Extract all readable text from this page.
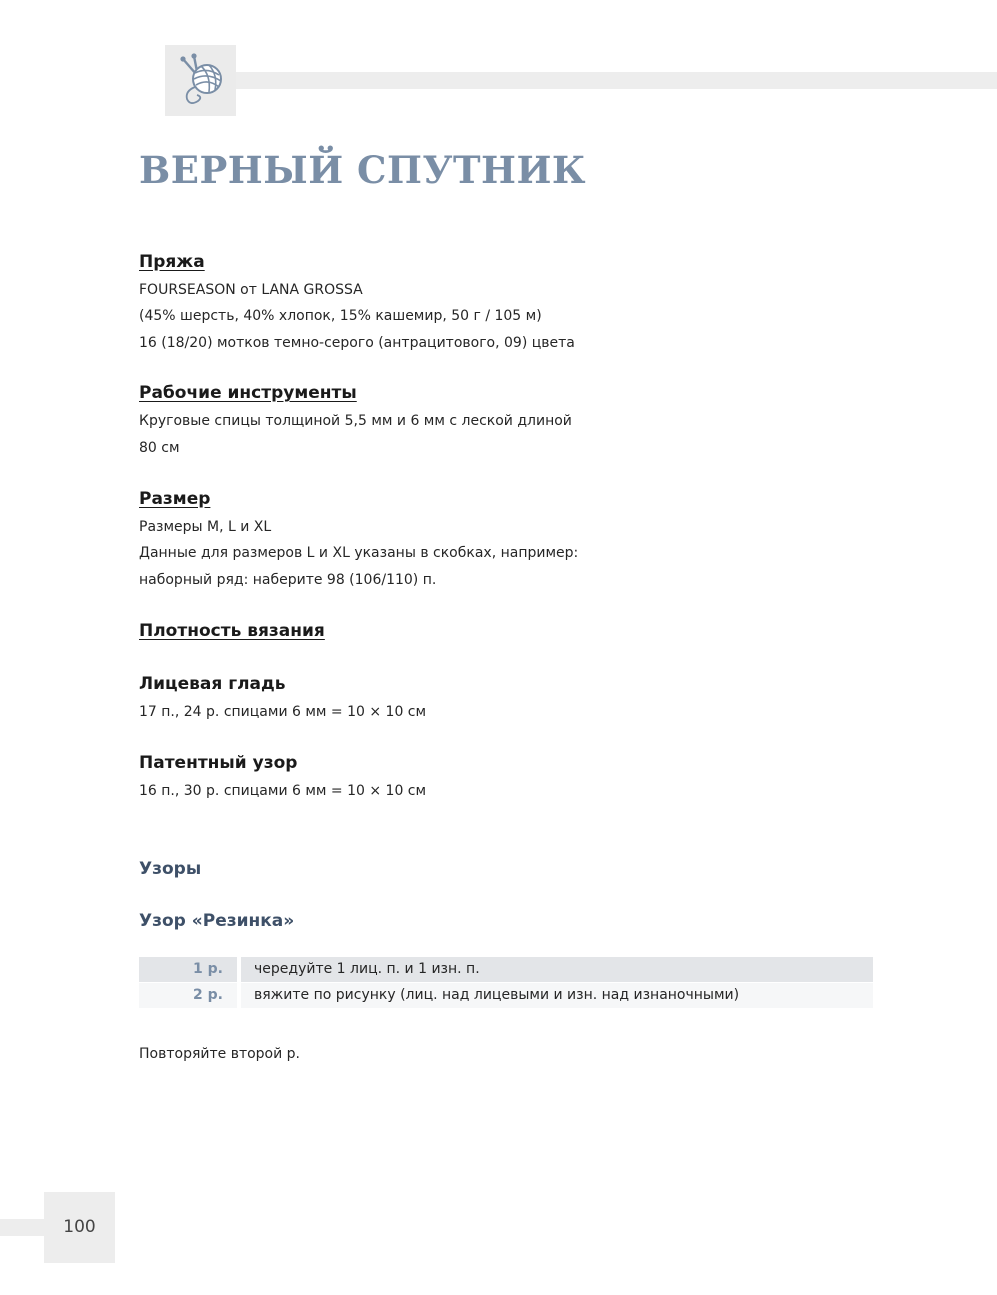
ВЕРНЫЙ СПУТНИК
Пряжа
FOURSEASON от LANA GROSSA
(45% шерсть, 40% хлопок, 15% кашемир, 50 г / 105 м)
16 (18/20) мотков темно-серого (антрацитового, 09) цвета
Рабочие инструменты
Круговые спицы толщиной 5,5 мм и 6 мм с леской длиной
80 см
Размер
Размеры M, L и XL
Данные для размеров L и XL указаны в скобках, например:
наборный ряд: наберите 98 (106/110) п.
Плотность вязания
Лицевая гладь
17 п., 24 р. спицами 6 мм = 10 × 10 см
Патентный узор
16 п., 30 р. спицами 6 мм = 10 × 10 см
Узоры
Узор «Резинка»
1 р.	чередуйте 1 лиц. п. и 1 изн. п.
2 р.	вяжите по рисунку (лиц. над лицевыми и изн. над изнаночными)
Повторяйте второй р.
100
